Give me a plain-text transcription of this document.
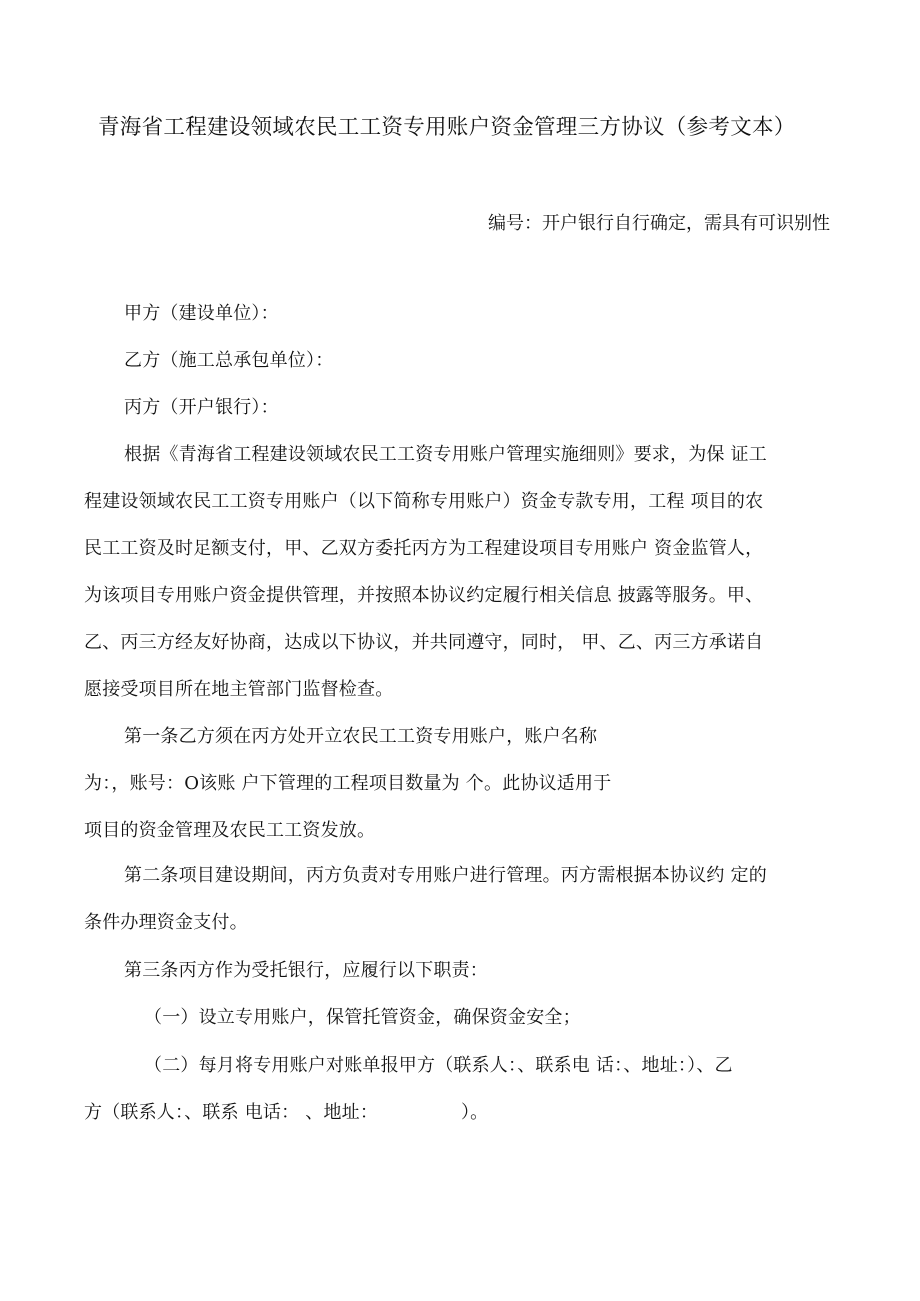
青海省工程建设领域农民工工资专用账户资金管理三方协议（参考文本）
编号：开户银行自行确定，需具有可识别性
甲方（建设单位）：
乙方（施工总承包单位）：
丙方（开户银行）：
根据《青海省工程建设领域农民工工资专用账户管理实施细则》要求，为保 证工
程建设领域农民工工资专用账户（以下简称专用账户）资金专款专用，工程 项目的农
民工工资及时足额支付，甲、乙双方委托丙方为工程建设项目专用账户 资金监管人，
为该项目专用账户资金提供管理，并按照本协议约定履行相关信息 披露等服务。甲、
乙、丙三方经友好协商，达成以下协议，并共同遵守，同时， 甲、乙、丙三方承诺自
愿接受项目所在地主管部门监督检查。
第一条乙方须在丙方处开立农民工工资专用账户，账户名称
为：，账号：O该账 户下管理的工程项目数量为 个。此协议适用于
项目的资金管理及农民工工资发放。
第二条项目建设期间，丙方负责对专用账户进行管理。丙方需根据本协议约 定的
条件办理资金支付。
第三条丙方作为受托银行，应履行以下职责：
（一）设立专用账户，保管托管资金，确保资金安全；
（二）每月将专用账户对账单报甲方（联系人：、联系电 话：、地址：）、乙
方（联系人：、联系 电话： 、地址：              ）。
